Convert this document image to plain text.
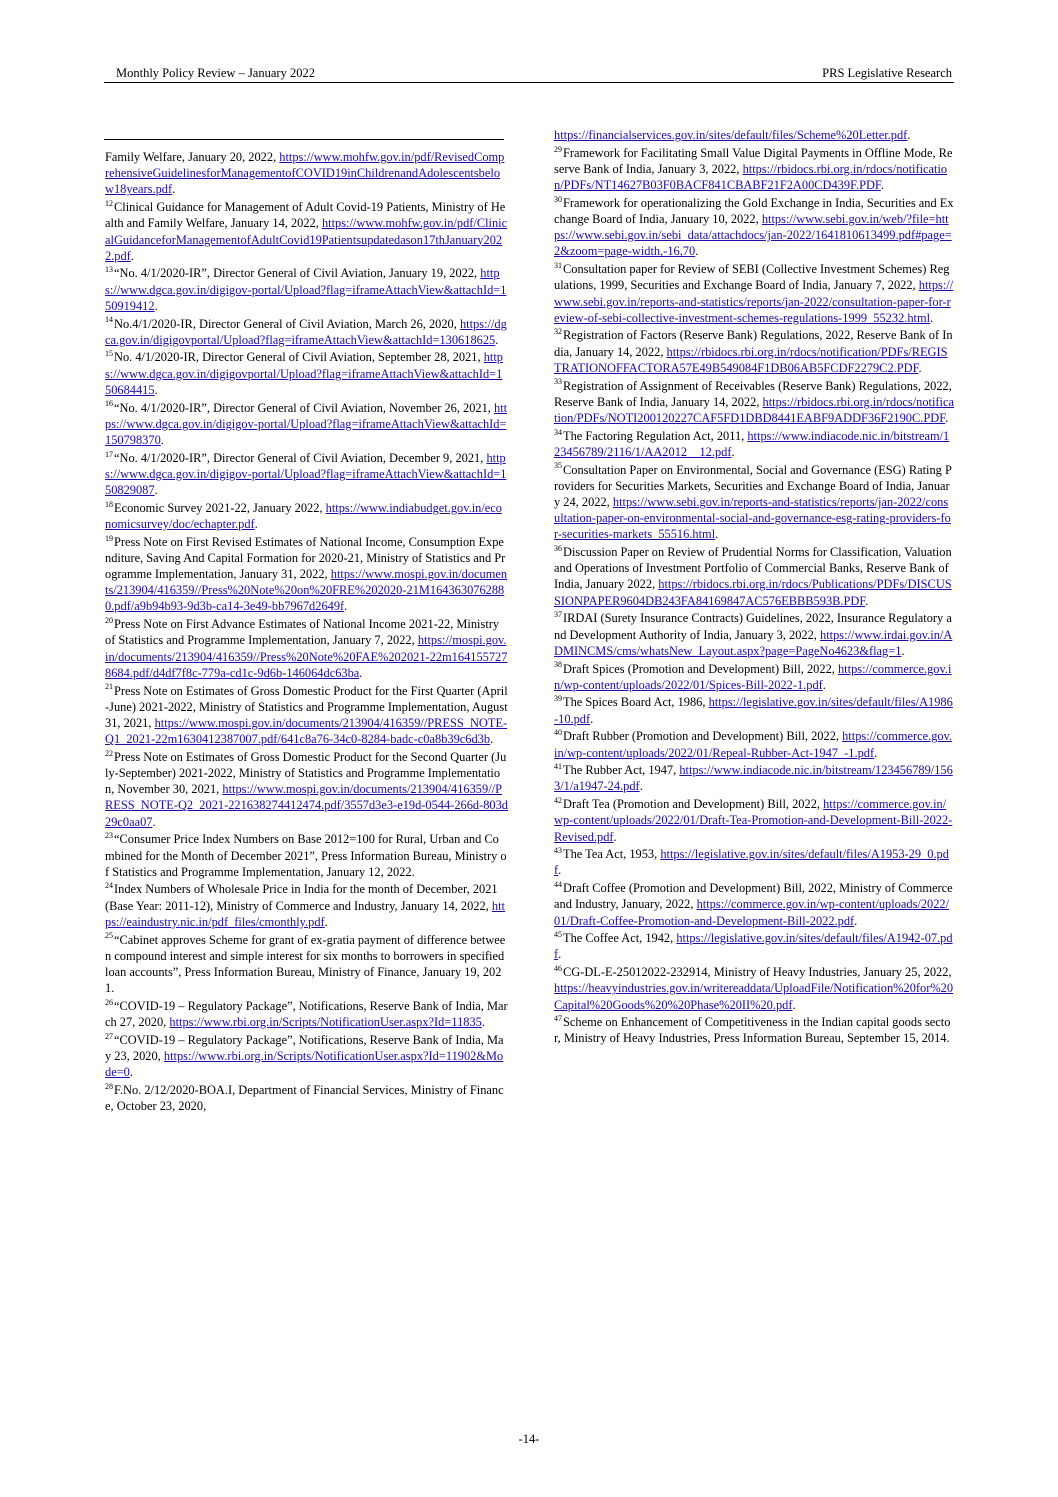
Monthly Policy Review – January 2022	PRS Legislative Research
Family Welfare, January 20, 2022, https://www.mohfw.gov.in/pdf/RevisedComprehensiveGuidelinesforManagementofCOVID19inChildrenandAdolescentsbelow18years.pdf.
$^{12}$Clinical Guidance for Management of Adult Covid-19 Patients, Ministry of Health and Family Welfare, January 14, 2022, https://www.mohfw.gov.in/pdf/ClinicalGuidanceforManagementofAdultCovid19Patientsupdatedason17thJanuary2022.pdf.
$^{13}$“No. 4/1/2020-IR”, Director General of Civil Aviation, January 19, 2022, https://www.dgca.gov.in/digigov-portal/Upload?flag=iframeAttachView&attachId=150919412.
$^{14}$No.4/1/2020-IR, Director General of Civil Aviation, March 26, 2020, https://dgca.gov.in/digigovportal/Upload?flag=iframeAttachView&attachId=130618625.
$^{15}$No. 4/1/2020-IR, Director General of Civil Aviation, September 28, 2021, https://www.dgca.gov.in/digigovportal/Upload?flag=iframeAttachView&attachId=150684415.
$^{16}$“No. 4/1/2020-IR”, Director General of Civil Aviation, November 26, 2021, https://www.dgca.gov.in/digigov-portal/Upload?flag=iframeAttachView&attachId=150798370.
$^{17}$“No. 4/1/2020-IR”, Director General of Civil Aviation, December 9, 2021, https://www.dgca.gov.in/digigov-portal/Upload?flag=iframeAttachView&attachId=150829087.
$^{18}$Economic Survey 2021-22, January 2022, https://www.indiabudget.gov.in/economicsurvey/doc/echapter.pdf.
$^{19}$Press Note on First Revised Estimates of National Income, Consumption Expenditure, Saving And Capital Formation for 2020-21, Ministry of Statistics and Programme Implementation, January 31, 2022, https://www.mospi.gov.in/documents/213904/416359//Press%20Note%20on%20FRE%202020-21M1643630762880.pdf/a9b94b93-9d3b-ca14-3e49-bb7967d2649f.
$^{20}$Press Note on First Advance Estimates of National Income 2021-22, Ministry of Statistics and Programme Implementation, January 7, 2022, https://mospi.gov.in/documents/213904/416359//Press%20Note%20FAE%202021-22m1641557278684.pdf/d4df7f8c-779a-cd1c-9d6b-146064dc63ba.
$^{21}$Press Note on Estimates of Gross Domestic Product for the First Quarter (April-June) 2021-2022, Ministry of Statistics and Programme Implementation, August 31, 2021, https://www.mospi.gov.in/documents/213904/416359//PRESS_NOTE-Q1_2021-22m1630412387007.pdf/641c8a76-34c0-8284-badc-c0a8b39c6d3b.
$^{22}$Press Note on Estimates of Gross Domestic Product for the Second Quarter (July-September) 2021-2022, Ministry of Statistics and Programme Implementation, November 30, 2021, https://www.mospi.gov.in/documents/213904/416359//PRESS_NOTE-Q2_2021-221638274412474.pdf/3557d3e3-e19d-0544-266d-803d29c0aa07.
$^{23}$“Consumer Price Index Numbers on Base 2012=100 for Rural, Urban and Combined for the Month of December 2021”, Press Information Bureau, Ministry of Statistics and Programme Implementation, January 12, 2022.
$^{24}$Index Numbers of Wholesale Price in India for the month of December, 2021(Base Year: 2011-12), Ministry of Commerce and Industry, January 14, 2022, https://eaindustry.nic.in/pdf_files/cmonthly.pdf.
$^{25}$“Cabinet approves Scheme for grant of ex-gratia payment of difference between compound interest and simple interest for six months to borrowers in specified loan accounts”, Press Information Bureau, Ministry of Finance, January 19, 2021.
$^{26}$“COVID-19 – Regulatory Package”, Notifications, Reserve Bank of India, March 27, 2020, https://www.rbi.org.in/Scripts/NotificationUser.aspx?Id=11835.
$^{27}$“COVID-19 – Regulatory Package”, Notifications, Reserve Bank of India, May 23, 2020, https://www.rbi.org.in/Scripts/NotificationUser.aspx?Id=11902&Mode=0.
$^{28}$F.No. 2/12/2020-BOA.I, Department of Financial Services, Ministry of Finance, October 23, 2020,
https://financialservices.gov.in/sites/default/files/Scheme%20Letter.pdf.
$^{29}$Framework for Facilitating Small Value Digital Payments in Offline Mode, Reserve Bank of India, January 3, 2022, https://rbidocs.rbi.org.in/rdocs/notification/PDFs/NT14627B03F0BACF841CBABF21F2A00CD439F.PDF.
$^{30}$Framework for operationalizing the Gold Exchange in India, Securities and Exchange Board of India, January 10, 2022, https://www.sebi.gov.in/web/?file=https://www.sebi.gov.in/sebi_data/attachdocs/jan-2022/1641810613499.pdf#page=2&zoom=page-width,-16,70.
$^{31}$Consultation paper for Review of SEBI (Collective Investment Schemes) Regulations, 1999, Securities and Exchange Board of India, January 7, 2022, https://www.sebi.gov.in/reports-and-statistics/reports/jan-2022/consultation-paper-for-review-of-sebi-collective-investment-schemes-regulations-1999_55232.html.
$^{32}$Registration of Factors (Reserve Bank) Regulations, 2022, Reserve Bank of India, January 14, 2022, https://rbidocs.rbi.org.in/rdocs/notification/PDFs/REGISTRATIONOFFACTORA57E49B549084F1DB06AB5FCDF2279C2.PDF.
$^{33}$Registration of Assignment of Receivables (Reserve Bank) Regulations, 2022, Reserve Bank of India, January 14, 2022, https://rbidocs.rbi.org.in/rdocs/notification/PDFs/NOTI200120227CAF5FD1DBD8441EABF9ADDF36F2190C.PDF.
$^{34}$The Factoring Regulation Act, 2011, https://www.indiacode.nic.in/bitstream/123456789/2116/1/AA2012__12.pdf.
$^{35}$Consultation Paper on Environmental, Social and Governance (ESG) Rating Providers for Securities Markets, Securities and Exchange Board of India, January 24, 2022, https://www.sebi.gov.in/reports-and-statistics/reports/jan-2022/consultation-paper-on-environmental-social-and-governance-esg-rating-providers-for-securities-markets_55516.html.
$^{36}$Discussion Paper on Review of Prudential Norms for Classification, Valuation and Operations of Investment Portfolio of Commercial Banks, Reserve Bank of India, January 2022, https://rbidocs.rbi.org.in/rdocs/Publications/PDFs/DISCUSSIONPAPER9604DB243FA84169847AC576EBBB593B.PDF.
$^{37}$IRDAI (Surety Insurance Contracts) Guidelines, 2022, Insurance Regulatory and Development Authority of India, January 3, 2022, https://www.irdai.gov.in/ADMINCMS/cms/whatsNew_Layout.aspx?page=PageNo4623&flag=1.
$^{38}$Draft Spices (Promotion and Development) Bill, 2022, https://commerce.gov.in/wp-content/uploads/2022/01/Spices-Bill-2022-1.pdf.
$^{39}$The Spices Board Act, 1986, https://legislative.gov.in/sites/default/files/A1986-10.pdf.
$^{40}$Draft Rubber (Promotion and Development) Bill, 2022, https://commerce.gov.in/wp-content/uploads/2022/01/Repeal-Rubber-Act-1947_-1.pdf.
$^{41}$The Rubber Act, 1947, https://www.indiacode.nic.in/bitstream/123456789/1563/1/a1947-24.pdf.
$^{42}$Draft Tea (Promotion and Development) Bill, 2022, https://commerce.gov.in/wp-content/uploads/2022/01/Draft-Tea-Promotion-and-Development-Bill-2022-Revised.pdf.
$^{43}$The Tea Act, 1953, https://legislative.gov.in/sites/default/files/A1953-29_0.pdf.
$^{44}$Draft Coffee (Promotion and Development) Bill, 2022, Ministry of Commerce and Industry, January, 2022, https://commerce.gov.in/wp-content/uploads/2022/01/Draft-Coffee-Promotion-and-Development-Bill-2022.pdf.
$^{45}$The Coffee Act, 1942, https://legislative.gov.in/sites/default/files/A1942-07.pdf.
$^{46}$CG-DL-E-25012022-232914, Ministry of Heavy Industries, January 25, 2022, https://heavyindustries.gov.in/writereaddata/UploadFile/Notification%20for%20Capital%20Goods%20%20Phase%20II%20.pdf.
$^{47}$Scheme on Enhancement of Competitiveness in the Indian capital goods sector, Ministry of Heavy Industries, Press Information Bureau, September 15, 2014.
-14-
